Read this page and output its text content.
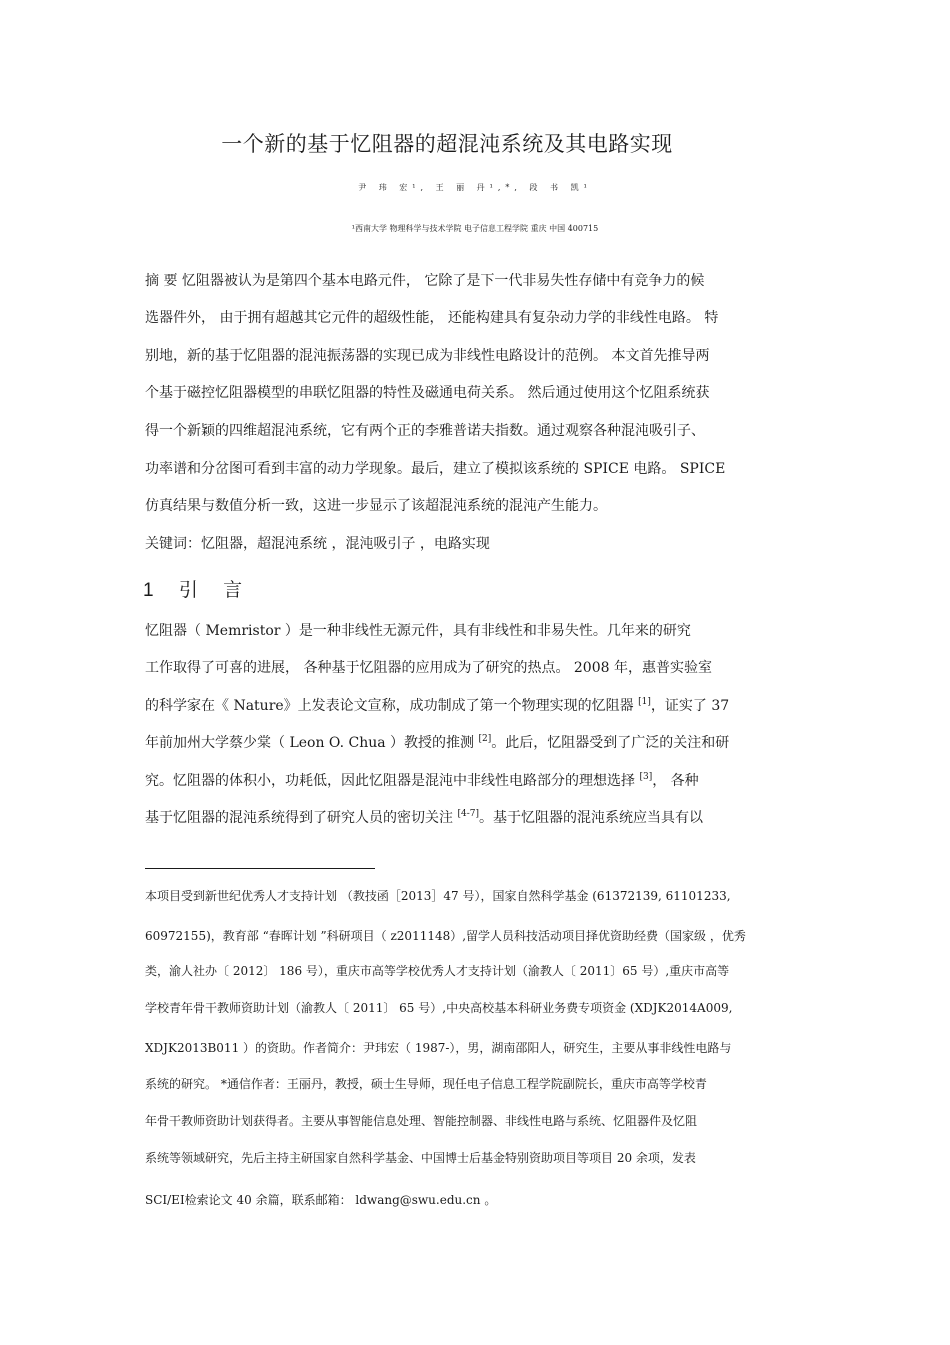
一个新的基于忆阻器的超混沌系统及其电路实现
尹 玮 宏¹, 王 丽 丹¹,*, 段 书 凯¹
¹西南大学 物理科学与技术学院 电子信息工程学院 重庆 中国 400715
摘 要 忆阻器被认为是第四个基本电路元件， 它除了是下一代非易失性存储中有竞争力的候
选器件外， 由于拥有超越其它元件的超级性能， 还能构建具有复杂动力学的非线性电路。 特
别地，新的基于忆阻器的混沌振荡器的实现已成为非线性电路设计的范例。 本文首先推导两
个基于磁控忆阻器模型的串联忆阻器的特性及磁通电荷关系。 然后通过使用这个忆阻系统获
得一个新颖的四维超混沌系统，它有两个正的李雅普诺夫指数。通过观察各种混沌吸引子、
功率谱和分岔图可看到丰富的动力学现象。最后，建立了模拟该系统的 SPICE 电路。 SPICE
仿真结果与数值分析一致，这进一步显示了该超混沌系统的混沌产生能力。
关键词：忆阻器，超混沌系统 ，混沌吸引子 ，电路实现
1 引 言
忆阻器（ Memristor ）是一种非线性无源元件，具有非线性和非易失性。几年来的研究
工作取得了可喜的进展， 各种基于忆阻器的应用成为了研究的热点。 2008 年，惠普实验室
的科学家在《 Nature》上发表论文宣称，成功制成了第一个物理实现的忆阻器 [1]，证实了 37
年前加州大学蔡少棠（ Leon O. Chua ）教授的推测 [2]。此后，忆阻器受到了广泛的关注和研
究。忆阻器的体积小，功耗低，因此忆阻器是混沌中非线性电路部分的理想选择 [3]， 各种
基于忆阻器的混沌系统得到了研究人员的密切关注 [4-7]。基于忆阻器的混沌系统应当具有以
本项目受到新世纪优秀人才支持计划 （教技函［2013］47 号），国家自然科学基金 (61372139, 61101233,
60972155)，教育部 “春晖计划 ”科研项目（ z2011148）,留学人员科技活动项目择优资助经费（国家级 ，优秀
类，渝人社办〔 2012〕 186 号），重庆市高等学校优秀人才支持计划（渝教人〔 2011〕65 号）,重庆市高等
学校青年骨干教师资助计划（渝教人〔 2011〕 65 号）,中央高校基本科研业务费专项资金 (XDJK2014A009,
XDJK2013B011 ）的资助。作者简介：尹玮宏（ 1987-），男，湖南邵阳人，研究生，主要从事非线性电路与
系统的研究。 *通信作者：王丽丹，教授，硕士生导师，现任电子信息工程学院副院长，重庆市高等学校青
年骨干教师资助计划获得者。主要从事智能信息处理、智能控制器、非线性电路与系统、忆阻器件及忆阻
系统等领域研究，先后主持主研国家自然科学基金、中国博士后基金特别资助项目等项目 20 余项，发表
SCI/EI检索论文 40 余篇，联系邮箱： ldwang@swu.edu.cn 。
